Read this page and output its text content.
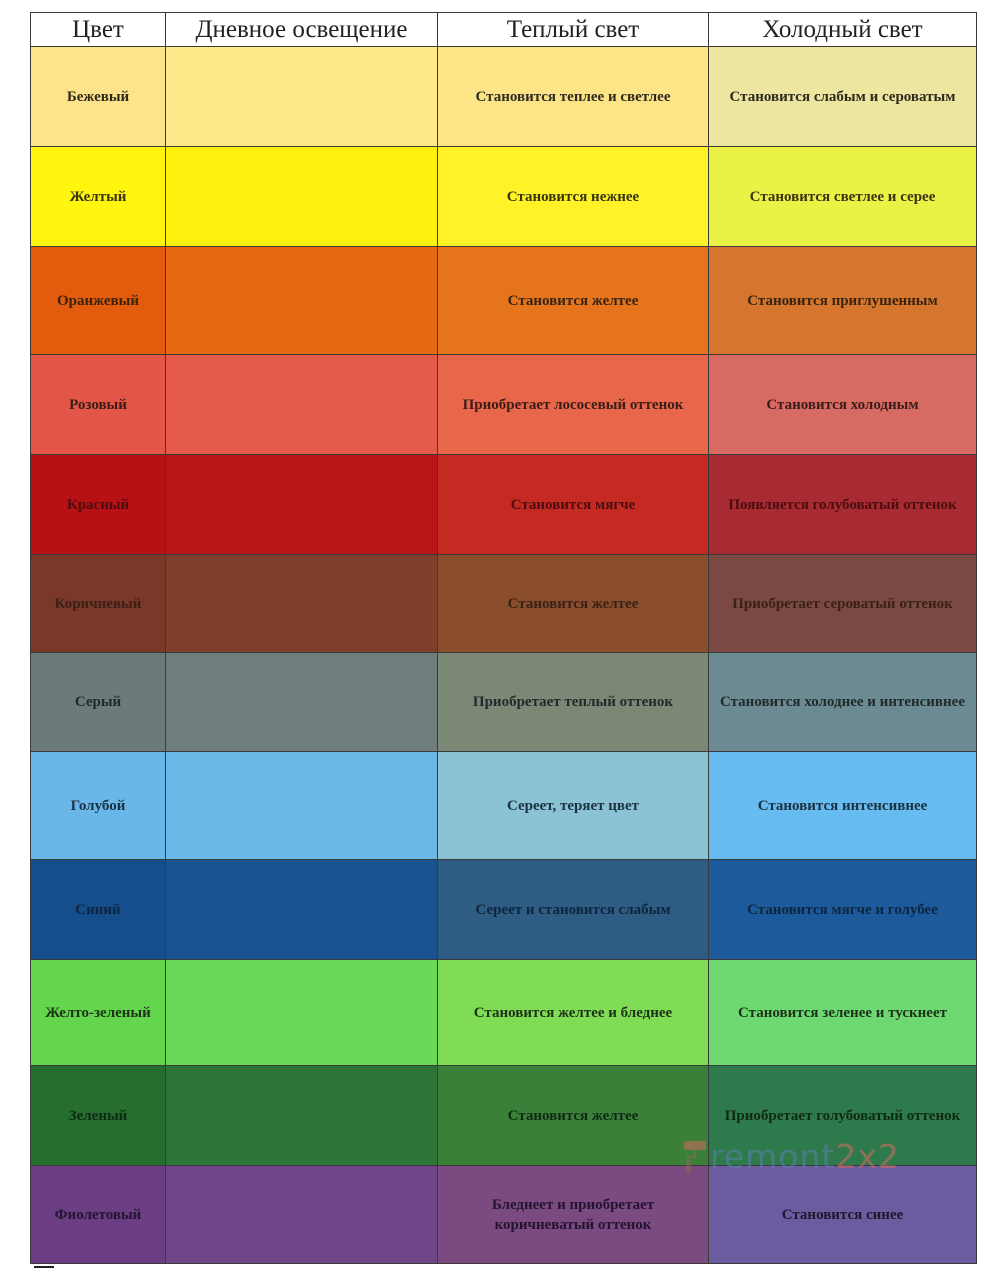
Цвет	Дневное освещение	Теплый свет	Холодный свет
Бежевый		Становится теплее и светлее	Становится слабым и сероватым
Желтый		Становится нежнее	Становится светлее и серее
Оранжевый		Становится желтее	Становится приглушенным
Розовый		Приобретает лососевый оттенок	Становится холодным
Красный		Становится мягче	Появляется голубоватый оттенок
Коричневый		Становится желтее	Приобретает сероватый оттенок
Серый		Приобретает теплый оттенок	Становится холоднее и интенсивнее
Голубой		Сереет, теряет цвет	Становится интенсивнее
Синий		Сереет и становится слабым	Становится мягче и голубее
Желто-зеленый		Становится желтее и бледнее	Становится зеленее и тускнеет
Зеленый		Становится желтее	Приобретает голубоватый оттенок
Фиолетовый		Бледнеет и приобретает коричневатый оттенок	Становится синее
remont2x2
